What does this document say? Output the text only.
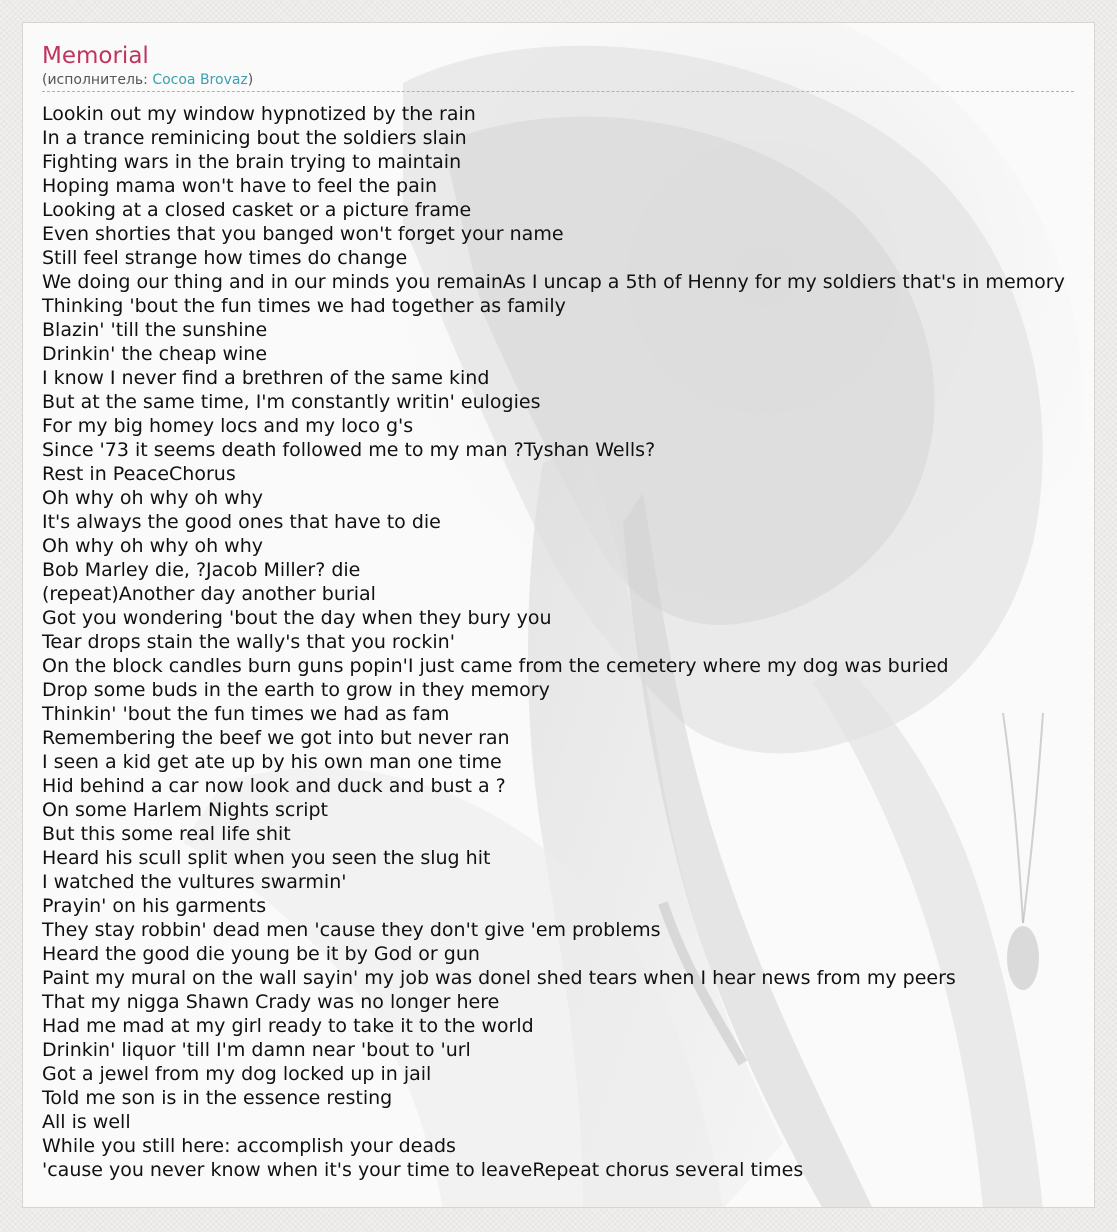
Memorial
(исполнитель: Cocoa Brovaz)
Lookin out my window hypnotized by the rain
In a trance reminicing bout the soldiers slain
Fighting wars in the brain trying to maintain
Hoping mama won't have to feel the pain
Looking at a closed casket or a picture frame
Even shorties that you banged won't forget your name
Still feel strange how times do change
We doing our thing and in our minds you remainAs I uncap a 5th of Henny for my soldiers that's in memory
Thinking 'bout the fun times we had together as family
Blazin' 'till the sunshine
Drinkin' the cheap wine
I know I never find a brethren of the same kind
But at the same time, I'm constantly writin' eulogies
For my big homey locs and my loco g's
Since '73 it seems death followed me to my man ?Tyshan Wells?
Rest in PeaceChorus
Oh why oh why oh why
It's always the good ones that have to die
Oh why oh why oh why
Bob Marley die, ?Jacob Miller? die
(repeat)Another day another burial
Got you wondering 'bout the day when they bury you
Tear drops stain the wally's that you rockin'
On the block candles burn guns popin'I just came from the cemetery where my dog was buried
Drop some buds in the earth to grow in they memory
Thinkin' 'bout the fun times we had as fam
Remembering the beef we got into but never ran
I seen a kid get ate up by his own man one time
Hid behind a car now look and duck and bust a ?
On some Harlem Nights script
But this some real life shit
Heard his scull split when you seen the slug hit
I watched the vultures swarmin'
Prayin' on his garments
They stay robbin' dead men 'cause they don't give 'em problems
Heard the good die young be it by God or gun
Paint my mural on the wall sayin' my job was donel shed tears when I hear news from my peers
That my nigga Shawn Crady was no longer here
Had me mad at my girl ready to take it to the world
Drinkin' liquor 'till I'm damn near 'bout to 'url
Got a jewel from my dog locked up in jail
Told me son is in the essence resting
All is well
While you still here: accomplish your deads
'cause you never know when it's your time to leaveRepeat chorus several times
